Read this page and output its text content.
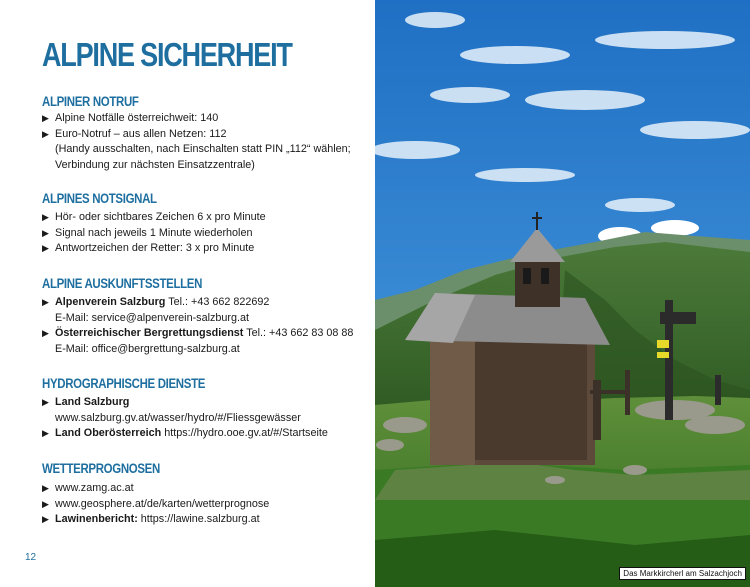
ALPINE SICHERHEIT
ALPINER NOTRUF
▶ Alpine Notfälle österreichweit: 140
▶ Euro-Notruf – aus allen Netzen: 112
(Handy ausschalten, nach Einschalten statt PIN „112“ wählen;
Verbindung zur nächsten Einsatzzentrale)
ALPINES NOTSIGNAL
▶ Hör- oder sichtbares Zeichen 6 x pro Minute
▶ Signal nach jeweils 1 Minute wiederholen
▶ Antwortzeichen der Retter: 3 x pro Minute
ALPINE AUSKUNFTSSTELLEN
▶ Alpenverein Salzburg Tel.: +43 662 822692
E-Mail: service@alpenverein-salzburg.at
▶ Österreichischer Bergrettungsdienst Tel.: +43 662 83 08 88
E-Mail: office@bergrettung-salzburg.at
HYDROGRAPHISCHE DIENSTE
▶ Land Salzburg
www.salzburg.gv.at/wasser/hydro/#/Fliessgewässer
▶ Land Oberösterreich https://hydro.ooe.gv.at/#/Startseite
WETTERPROGNOSEN
▶ www.zamg.ac.at
▶ www.geosphere.at/de/karten/wetterprognose
▶ Lawinenbericht: https://lawine.salzburg.at
12
Das Markkircherl am Salzachjoch
